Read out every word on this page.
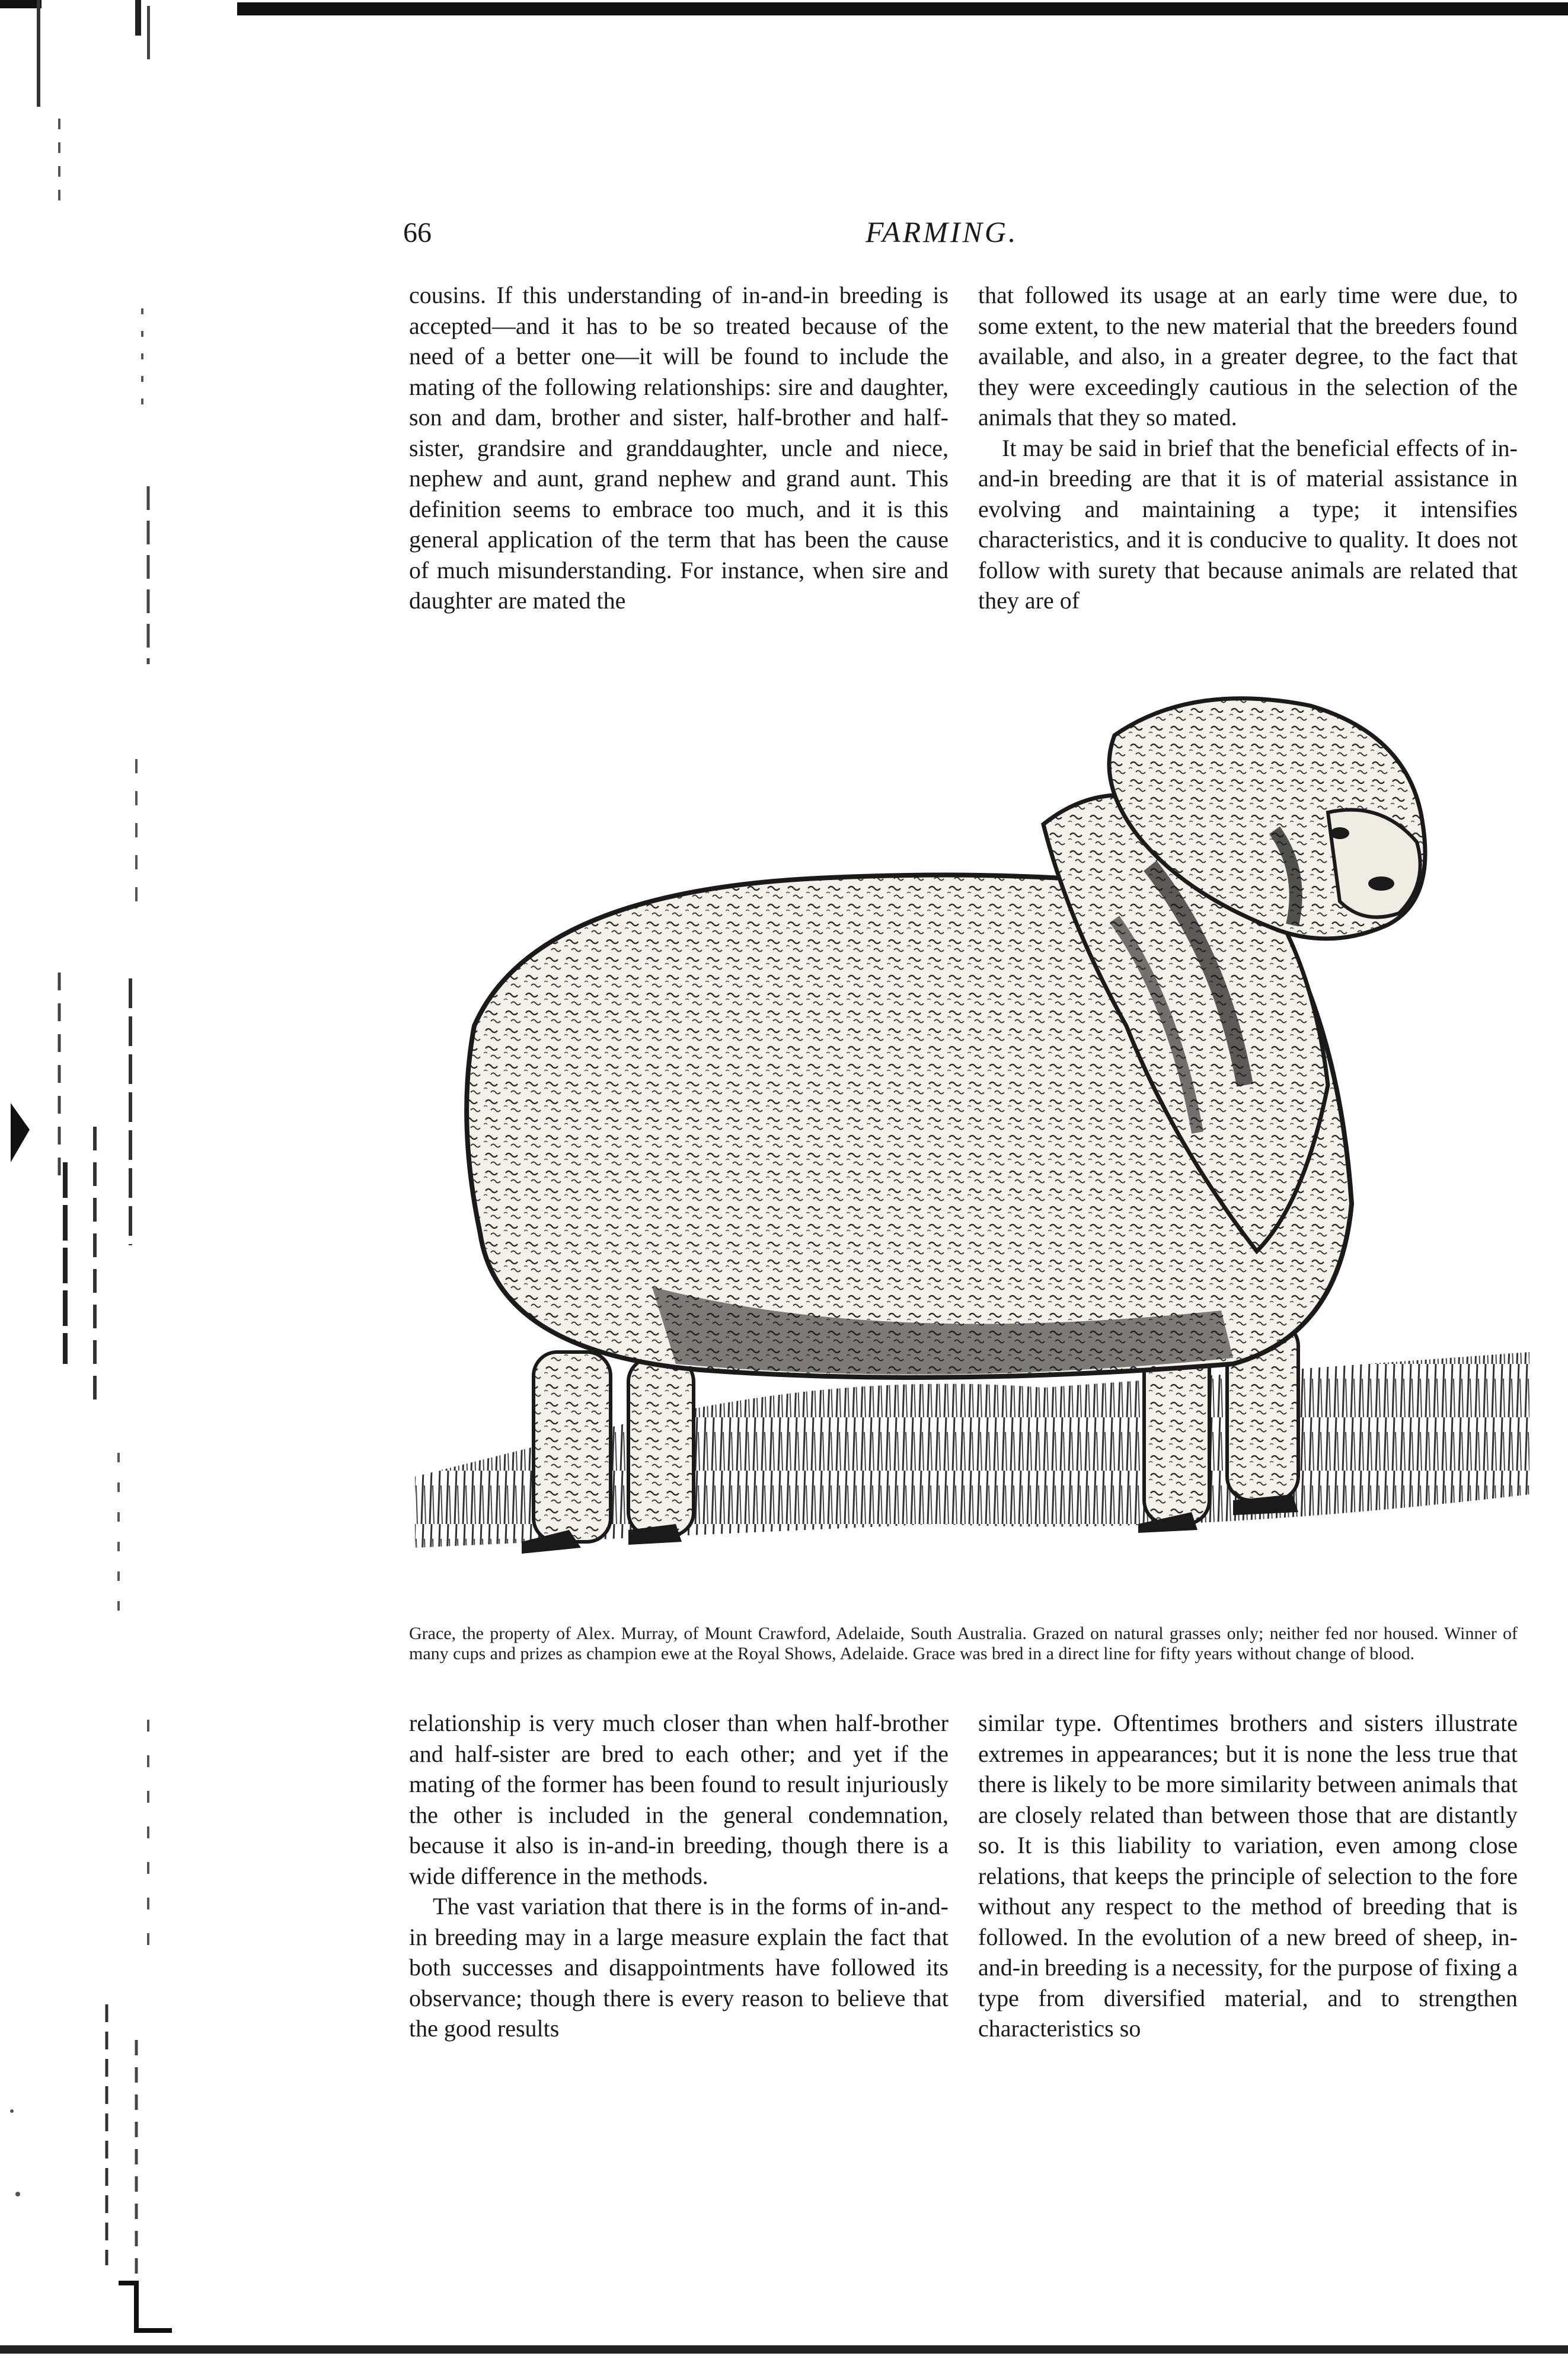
66	FARMING.

cousins. If this understanding of in-and-in breeding is accepted—and it has to be so treated because of the need of a better one—it will be found to include the mating of the following relationships: sire and daughter, son and dam, brother and sister, half-brother and half-sister, grandsire and granddaughter, uncle and niece, nephew and aunt, grand nephew and grand aunt. This definition seems to embrace too much, and it is this general application of the term that has been the cause of much misunderstanding. For instance, when sire and daughter are mated the

that followed its usage at an early time were due, to some extent, to the new material that the breeders found available, and also, in a greater degree, to the fact that they were exceedingly cautious in the selection of the animals that they so mated.

It may be said in brief that the beneficial effects of in-and-in breeding are that it is of material assistance in evolving and maintaining a type; it intensifies characteristics, and it is conducive to quality. It does not follow with surety that because animals are related that they are of

Grace, the property of Alex. Murray, of Mount Crawford, Adelaide, South Australia. Grazed on natural grasses only; neither fed nor housed. Winner of many cups and prizes as champion ewe at the Royal Shows, Adelaide. Grace was bred in a direct line for fifty years without change of blood.

relationship is very much closer than when half-brother and half-sister are bred to each other; and yet if the mating of the former has been found to result injuriously the other is included in the general condemnation, because it also is in-and-in breeding, though there is a wide difference in the methods.

The vast variation that there is in the forms of in-and-in breeding may in a large measure explain the fact that both successes and disappointments have followed its observance; though there is every reason to believe that the good results

similar type. Oftentimes brothers and sisters illustrate extremes in appearances; but it is none the less true that there is likely to be more similarity between animals that are closely related than between those that are distantly so. It is this liability to variation, even among close relations, that keeps the principle of selection to the fore without any respect to the method of breeding that is followed. In the evolution of a new breed of sheep, in-and-in breeding is a necessity, for the purpose of fixing a type from diversified material, and to strengthen characteristics so
